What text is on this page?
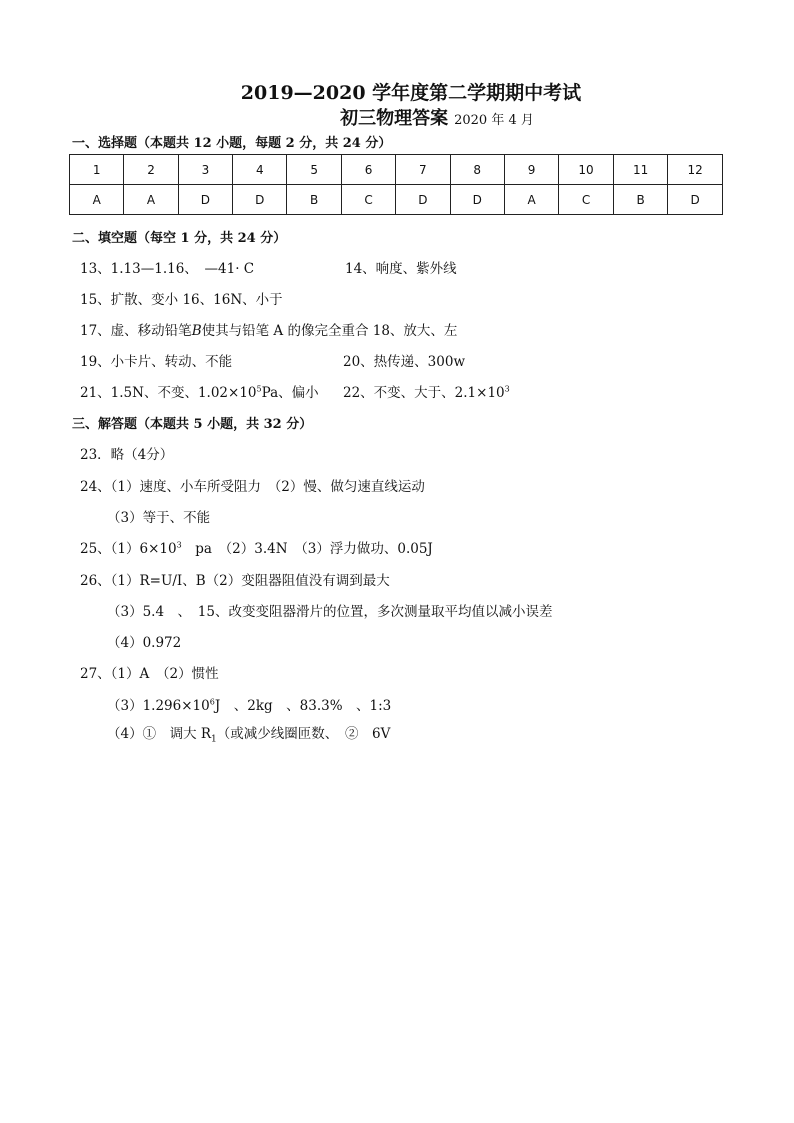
2019—2020 学年度第二学期期中考试
初三物理答案 2020 年 4 月
一、选择题（本题共 12 小题，每题 2 分，共 24 分）
1	2	3	4	5	6	7	8	9	10	11	12
A	A	D	D	B	C	D	D	A	C	B	D
二、填空题（每空 1 分，共 24 分）
13、1.13—1.16、　—41· C	14、响度、紫外线
15、扩散、变小 16、16N、小于
17、虚、移动铅笔B使其与铅笔 A 的像完全重合 18、放大、左
19、小卡片、转动、不能	20、热传递、300w
21、1.5N、不变、$1.02\times 10^5Pa$、偏小 22、不变、大于、$2.1\times 10^3$
三、解答题（本题共 5 小题，共 32 分）
23．略（4分）
24、（1）速度、小车所受阻力　（2）慢、做匀速直线运动
（3）等于、不能
25、$(1)6\times 10^3$　pa　（2）3.4N　（3）浮力做功、0.05J
26、（1）R=U/I、B（2）变阻器阻值没有调到最大
（3）5.4　、　15、改变变阻器滑片的位置，多次测量取平均值以减小误差
（4）0.972
27、（1）A　（2）惯性
$(3)1.296\times 10^6J$　、2kg　、83.3%　、1:3
（4）①　调大 $R_1$（或减少线圈匝数、　②　6V
